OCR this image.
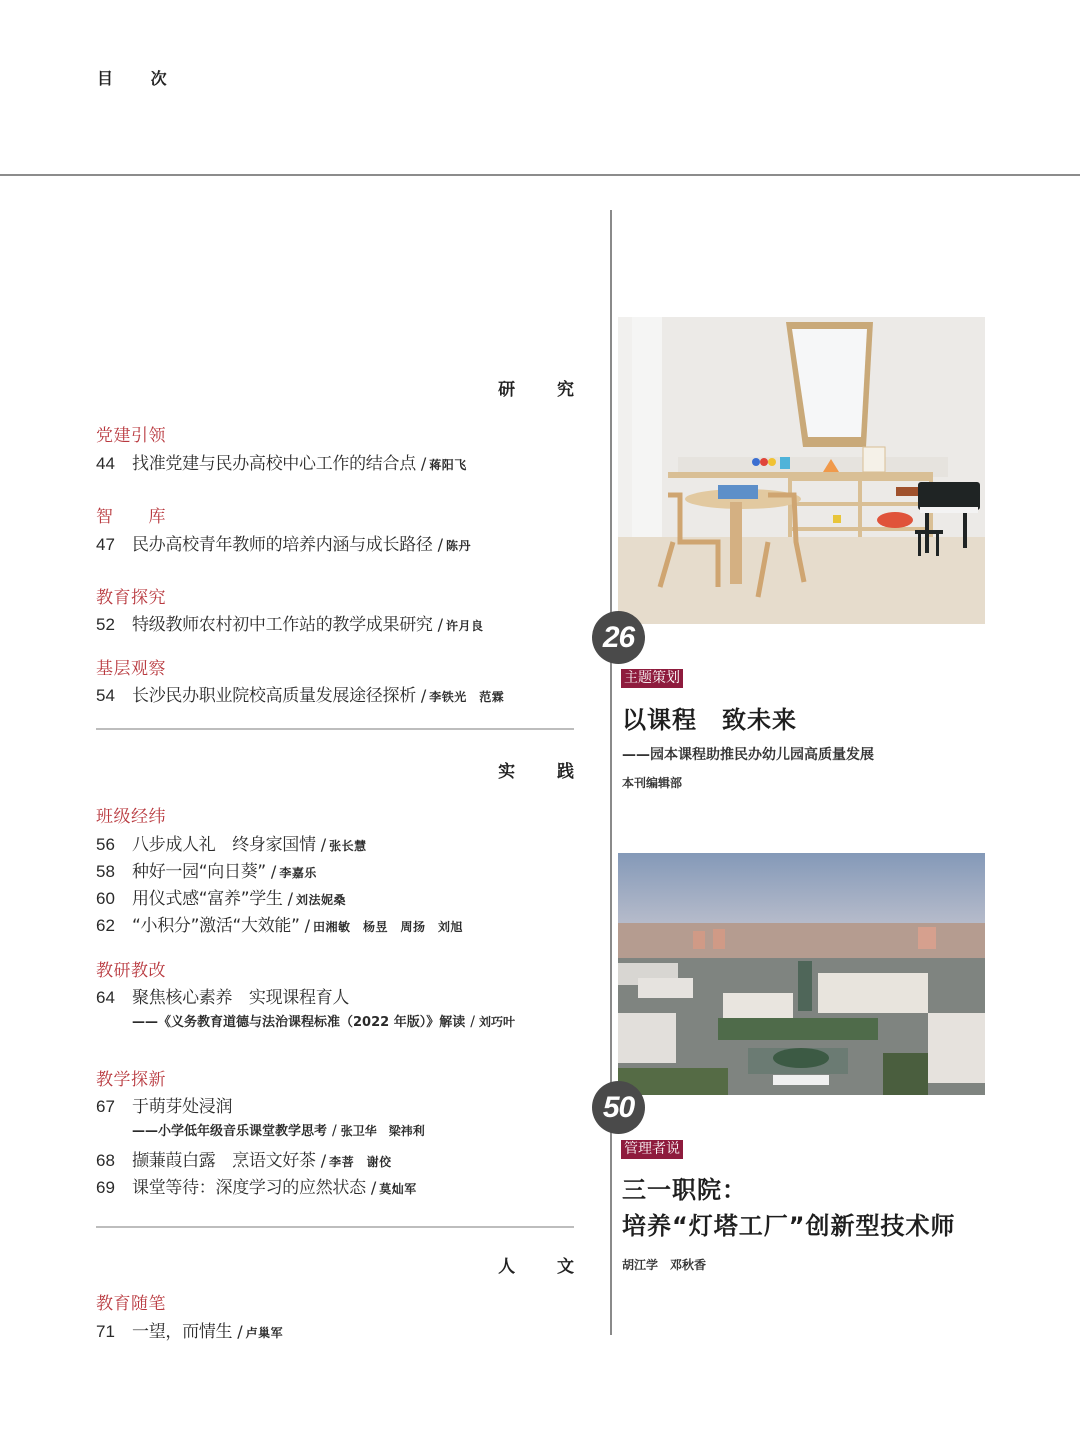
目 次
研 究
党建引领
44	找准党建与民办高校中心工作的结合点 / 蒋阳飞
智　　库
47	民办高校青年教师的培养内涵与成长路径 / 陈丹
教育探究
52	特级教师农村初中工作站的教学成果研究 / 许月良
基层观察
54	长沙民办职业院校高质量发展途径探析 / 李铁光　范霖
实 践
班级经纬
56	八步成人礼　终身家国情 / 张长慧
58	种好一园“向日葵” / 李嘉乐
60	用仪式感“富养”学生 / 刘法妮桑
62	“小积分”激活“大效能” / 田湘敏　杨昱　周扬　刘旭
教研教改
64	聚焦核心素养　实现课程育人
——《义务教育道德与法治课程标准（2022 年版）》解读 / 刘巧叶
教学探新
67	于萌芽处浸润
——小学低年级音乐课堂教学思考 / 张卫华　梁祎利
68	撷蒹葭白露　烹语文好茶 / 李菩　谢佼
69	课堂等待：深度学习的应然状态 / 莫灿军
人 文
教育随笔
71	一望，而情生 / 卢巢军
26
主题策划
以课程　致未来
——园本课程助推民办幼儿园高质量发展
本刊编辑部
50
管理者说
三一职院：
培养“灯塔工厂”创新型技术师
胡江学　邓秋香
